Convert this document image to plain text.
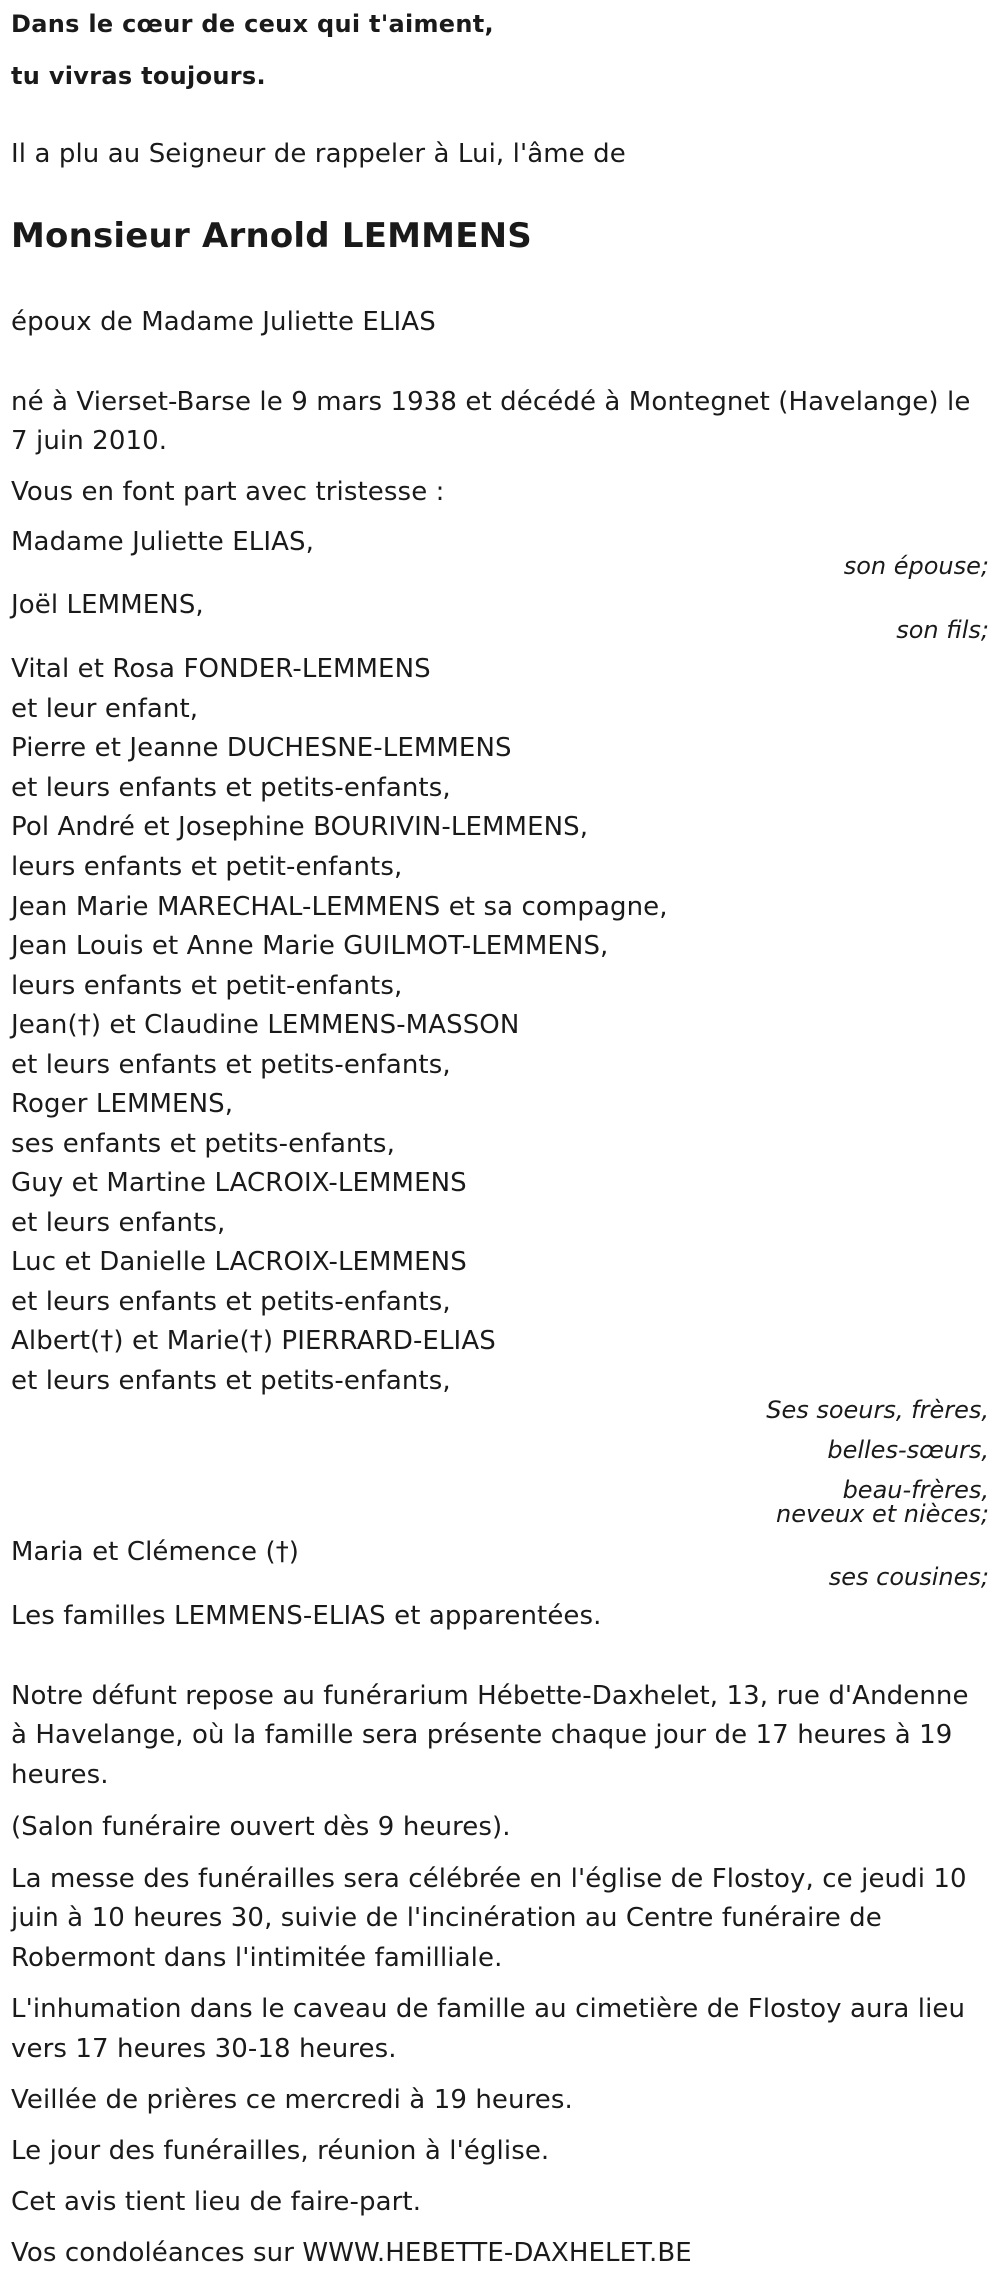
Dans le cœur de ceux qui t'aiment,
tu vivras toujours.
Il a plu au Seigneur de rappeler à Lui, l'âme de
Monsieur Arnold LEMMENS
époux de Madame Juliette ELIAS
né à Vierset-Barse le 9 mars 1938 et décédé à Montegnet (Havelange) le
7 juin 2010.
Vous en font part avec tristesse :
Madame Juliette ELIAS,
son épouse;
Joël LEMMENS,
son fils;
Vital et Rosa FONDER-LEMMENS
et leur enfant,
Pierre et Jeanne DUCHESNE-LEMMENS
et leurs enfants et petits-enfants,
Pol André et Josephine BOURIVIN-LEMMENS,
leurs enfants et petit-enfants,
Jean Marie MARECHAL-LEMMENS et sa compagne,
Jean Louis et Anne Marie GUILMOT-LEMMENS,
leurs enfants et petit-enfants,
Jean(†) et Claudine LEMMENS-MASSON
et leurs enfants et petits-enfants,
Roger LEMMENS,
ses enfants et petits-enfants,
Guy et Martine LACROIX-LEMMENS
et leurs enfants,
Luc et Danielle LACROIX-LEMMENS
et leurs enfants et petits-enfants,
Albert(†) et Marie(†) PIERRARD-ELIAS
et leurs enfants et petits-enfants,
Ses soeurs, frères,
belles-sœurs,
beau-frères,
neveux et nièces;
Maria et Clémence (†)
ses cousines;
Les familles LEMMENS-ELIAS et apparentées.
Notre défunt repose au funérarium Hébette-Daxhelet, 13, rue d'Andenne
à Havelange, où la famille sera présente chaque jour de 17 heures à 19
heures.
(Salon funéraire ouvert dès 9 heures).
La messe des funérailles sera célébrée en l'église de Flostoy, ce jeudi 10
juin à 10 heures 30, suivie de l'incinération au Centre funéraire de
Robermont dans l'intimitée familliale.
L'inhumation dans le caveau de famille au cimetière de Flostoy aura lieu
vers 17 heures 30-18 heures.
Veillée de prières ce mercredi à 19 heures.
Le jour des funérailles, réunion à l'église.
Cet avis tient lieu de faire-part.
Vos condoléances sur WWW.HEBETTE-DAXHELET.BE
